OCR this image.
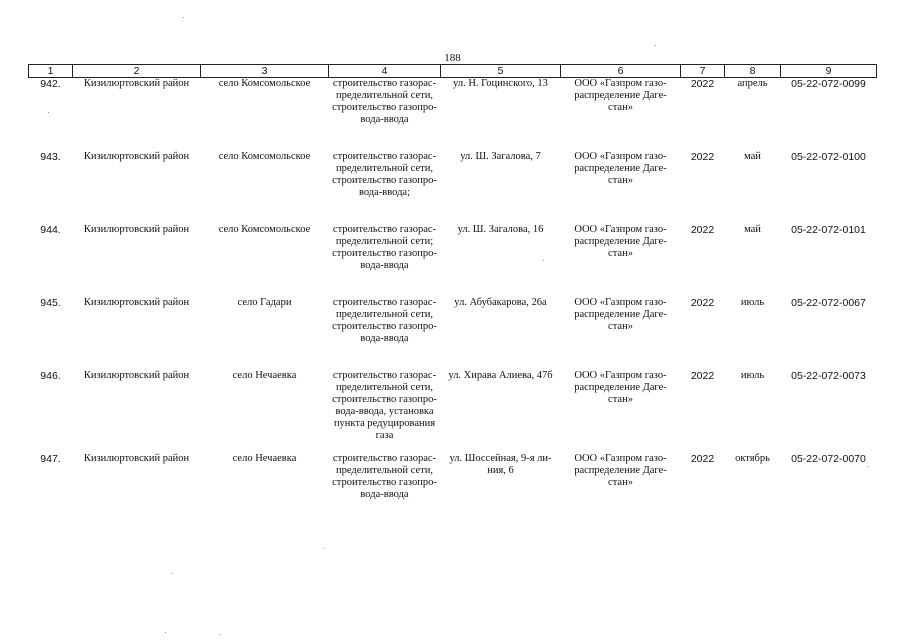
188
1	2	3	4	5	6	7	8	9
942.	Кизилюртовский район	село Комсомольское	строительство газорас-пределительной сети, строительство газопро-вода-ввода	ул. Н. Гоцинского, 13	ООО «Газпром газо-распределение Даге-стан»	2022	апрель	05-22-072-0099
943.	Кизилюртовский район	село Комсомольское	строительство газорас-пределительной сети, строительство газопро-вода-ввода;	ул. Ш. Загалова, 7	ООО «Газпром газо-распределение Даге-стан»	2022	май	05-22-072-0100
944.	Кизилюртовский район	село Комсомольское	строительство газорас-пределительной сети; строительство газопро-вода-ввода	ул. Ш. Загалова, 16	ООО «Газпром газо-распределение Даге-стан»	2022	май	05-22-072-0101
945.	Кизилюртовский район	село Гадари	строительство газорас-пределительной сети, строительство газопро-вода-ввода	ул. Абубакарова, 26а	ООО «Газпром газо-распределение Даге-стан»	2022	июль	05-22-072-0067
946.	Кизилюртовский район	село Нечаевка	строительство газорас-пределительной сети, строительство газопро-вода-ввода, установка пункта редуцирования газа	ул. Хирава Алиева, 47б	ООО «Газпром газо-распределение Даге-стан»	2022	июль	05-22-072-0073
947.	Кизилюртовский район	село Нечаевка	строительство газорас-пределительной сети, строительство газопро-вода-ввода	ул. Шоссейная, 9-я ли-ния, 6	ООО «Газпром газо-распределение Даге-стан»	2022	октябрь	05-22-072-0070
